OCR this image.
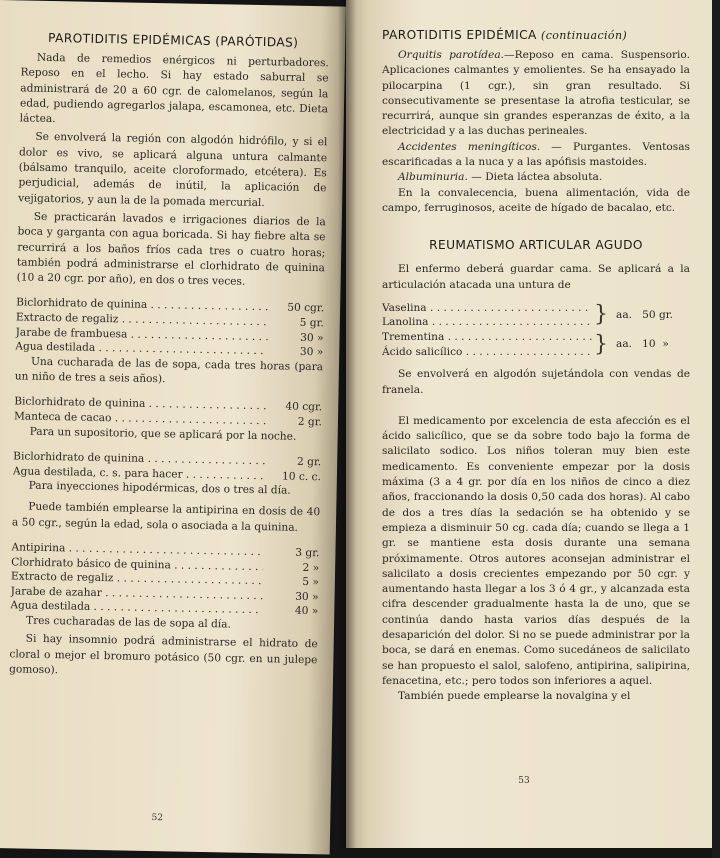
PAROTIDITIS EPIDÉMICAS (PARÓTIDAS)

Nada de remedios enérgicos ni perturbadores. Reposo en el lecho. Si hay estado saburral se administrará de 20 a 60 cgr. de calomelanos, según la edad, pudiendo agregarlos jalapa, escamonea, etc. Dieta láctea.

Se envolverá la región con algodón hidrófilo, y si el dolor es vivo, se aplicará alguna untura calmante (bálsamo tranquilo, aceite cloroformado, etcétera). Es perjudicial, además de inútil, la aplicación de vejigatorios, y aun la de la pomada mercurial.

Se practicarán lavados e irrigaciones diarios de la boca y garganta con agua boricada. Si hay fiebre alta se recurrirá a los baños fríos cada tres o cuatro horas; también podrá administrarse el clorhidrato de quinina (10 a 20 cgr. por año), en dos o tres veces.

Biclorhidrato de quinina . . .	50 cgr.
Extracto de regaliz . . .	5 gr.
Jarabe de frambuesa . . .	30 »
Agua destilada . . .	30 »

Una cucharada de las de sopa, cada tres horas (para un niño de tres a seis años).

Biclorhidrato de quinina . . .	40 cgr.
Manteca de cacao . . .	2 gr.

Para un supositorio, que se aplicará por la noche.

Biclorhidrato de quinina . . .	2 gr.
Agua destilada, c. s. para hacer . . .	10 c. c.

Para inyecciones hipodérmicas, dos o tres al día.

Puede también emplearse la antipirina en dosis de 40 a 50 cgr., según la edad, sola o asociada a la quinina.

Antipirina . . .	3 gr.
Clorhidrato básico de quinina . . .	2 »
Extracto de regaliz . . .	5 »
Jarabe de azahar . . .	30 »
Agua destilada . . .	40 »

Tres cucharadas de las de sopa al día.

Si hay insomnio podrá administrarse el hidrato de cloral o mejor el bromuro potásico (50 cgr. en un julepe gomoso).

52
PAROTIDITIS EPIDÉMICA (continuación)

Orquitis parotídea.—Reposo en cama. Suspensorio. Aplicaciones calmantes y emolientes. Se ha ensayado la pilocarpina (1 cgr.), sin gran resultado. Si consecutivamente se presentase la atrofia testicular, se recurrirá, aunque sin grandes esperanzas de éxito, a la electricidad y a las duchas perineales.

Accidentes meningíticos. — Purgantes. Ventosas escarificadas a la nuca y a las apófisis mastoides.

Albuminuria. — Dieta láctea absoluta.

En la convalecencia, buena alimentación, vida de campo, ferruginosos, aceite de hígado de bacalao, etc.

REUMATISMO ARTICULAR AGUDO

El enfermo deberá guardar cama. Se aplicará a la articulación atacada una untura de

Vaselina . . .
Lanolina . . .	} aa.   50 gr.
Trementina . . .
Ácido salicílico . . .	} aa.   10  »

Se envolverá en algodón sujetándola con vendas de franela.

El medicamento por excelencia de esta afección es el ácido salicílico, que se da sobre todo bajo la forma de salicilato sodico. Los niños toleran muy bien este medicamento. Es conveniente empezar por la dosis máxima (3 a 4 gr. por día en los niños de cinco a diez años, fraccionando la dosis 0,50 cada dos horas). Al cabo de dos a tres días la sedación se ha obtenido y se empieza a disminuir 50 cg. cada día; cuando se llega a 1 gr. se mantiene esta dosis durante una semana próximamente. Otros autores aconsejan administrar el salicilato a dosis crecientes empezando por 50 cgr. y aumentando hasta llegar a los 3 ó 4 gr., y alcanzada esta cifra descender gradualmente hasta la de uno, que se continúa dando hasta varios días después de la desaparición del dolor. Si no se puede administrar por la boca, se dará en enemas. Como sucedáneos de salicilato se han propuesto el salol, salofeno, antipirina, salipirina, fenacetina, etc.; pero todos son inferiores a aquel.

También puede emplearse la novalgina y el

53
